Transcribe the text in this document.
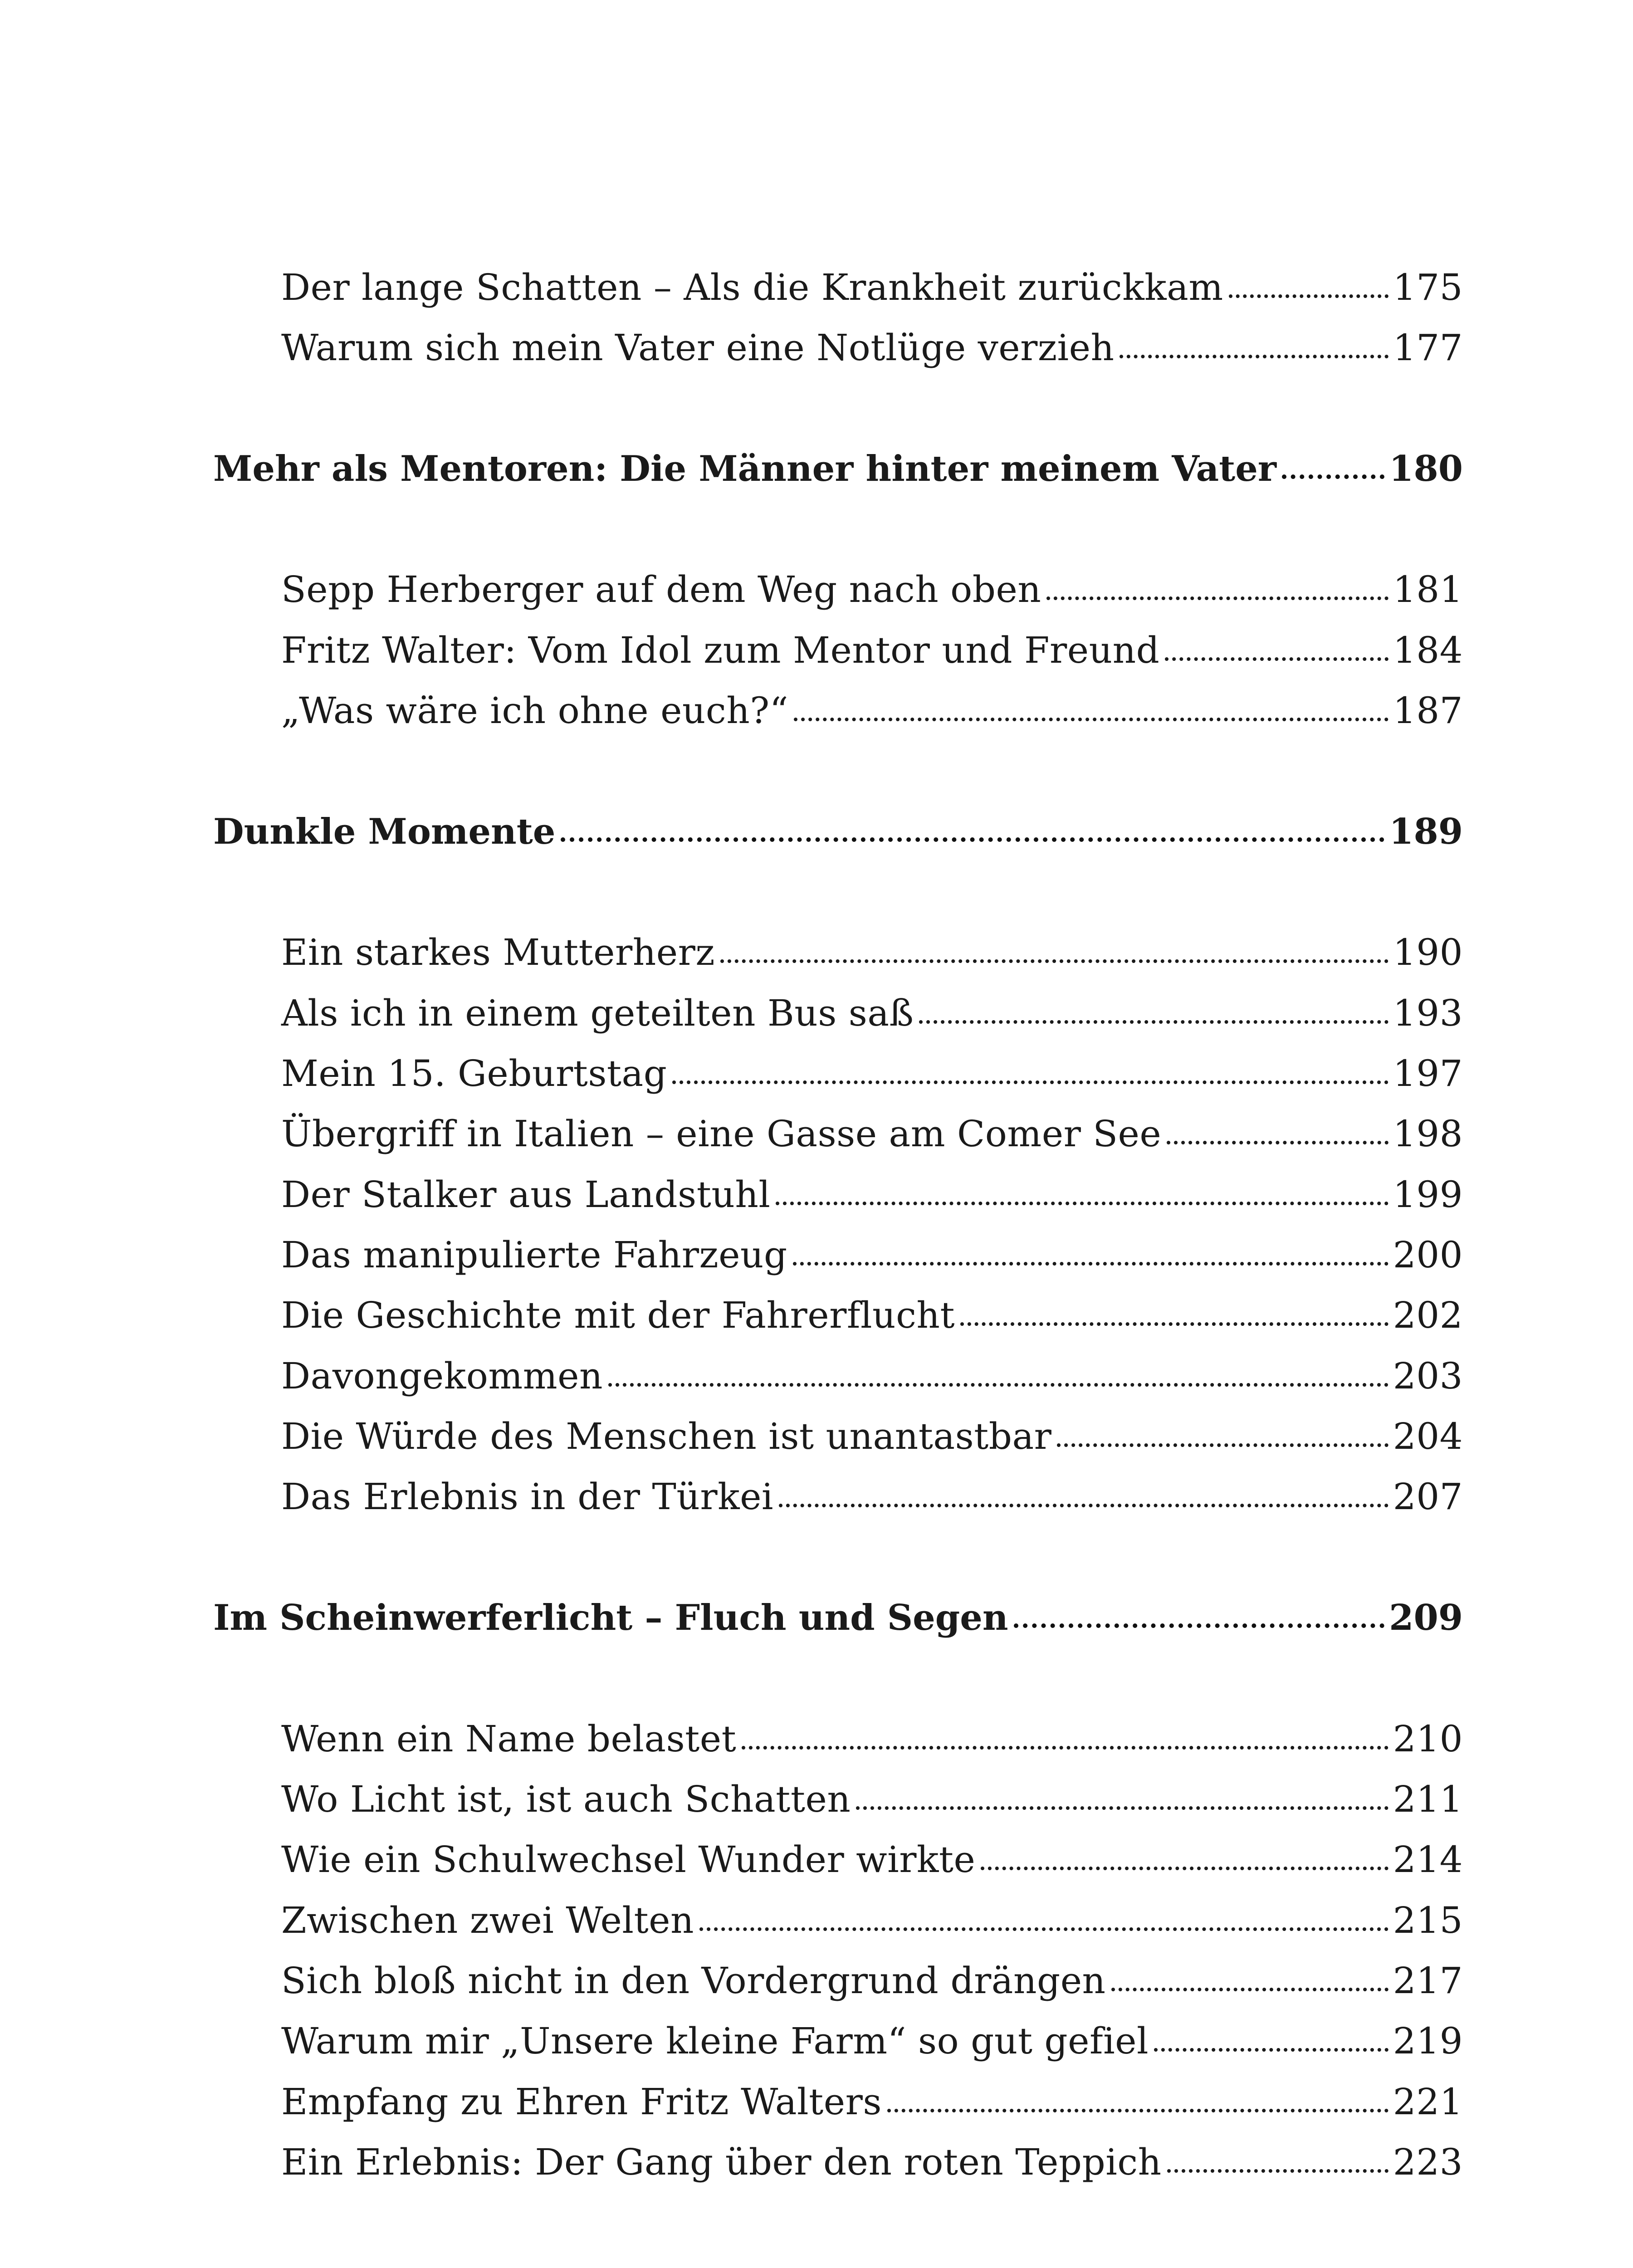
Der lange Schatten – Als die Krankheit zurückkam	175
Warum sich mein Vater eine Notlüge verzieh	177
Mehr als Mentoren: Die Männer hinter meinem Vater	180
Sepp Herberger auf dem Weg nach oben	181
Fritz Walter: Vom Idol zum Mentor und Freund	184
„Was wäre ich ohne euch?“	187
Dunkle Momente	189
Ein starkes Mutterherz	190
Als ich in einem geteilten Bus saß	193
Mein 15. Geburtstag	197
Übergriff in Italien – eine Gasse am Comer See	198
Der Stalker aus Landstuhl	199
Das manipulierte Fahrzeug	200
Die Geschichte mit der Fahrerflucht	202
Davongekommen	203
Die Würde des Menschen ist unantastbar	204
Das Erlebnis in der Türkei	207
Im Scheinwerferlicht – Fluch und Segen	209
Wenn ein Name belastet	210
Wo Licht ist, ist auch Schatten	211
Wie ein Schulwechsel Wunder wirkte	214
Zwischen zwei Welten	215
Sich bloß nicht in den Vordergrund drängen	217
Warum mir „Unsere kleine Farm“ so gut gefiel	219
Empfang zu Ehren Fritz Walters	221
Ein Erlebnis: Der Gang über den roten Teppich	223
